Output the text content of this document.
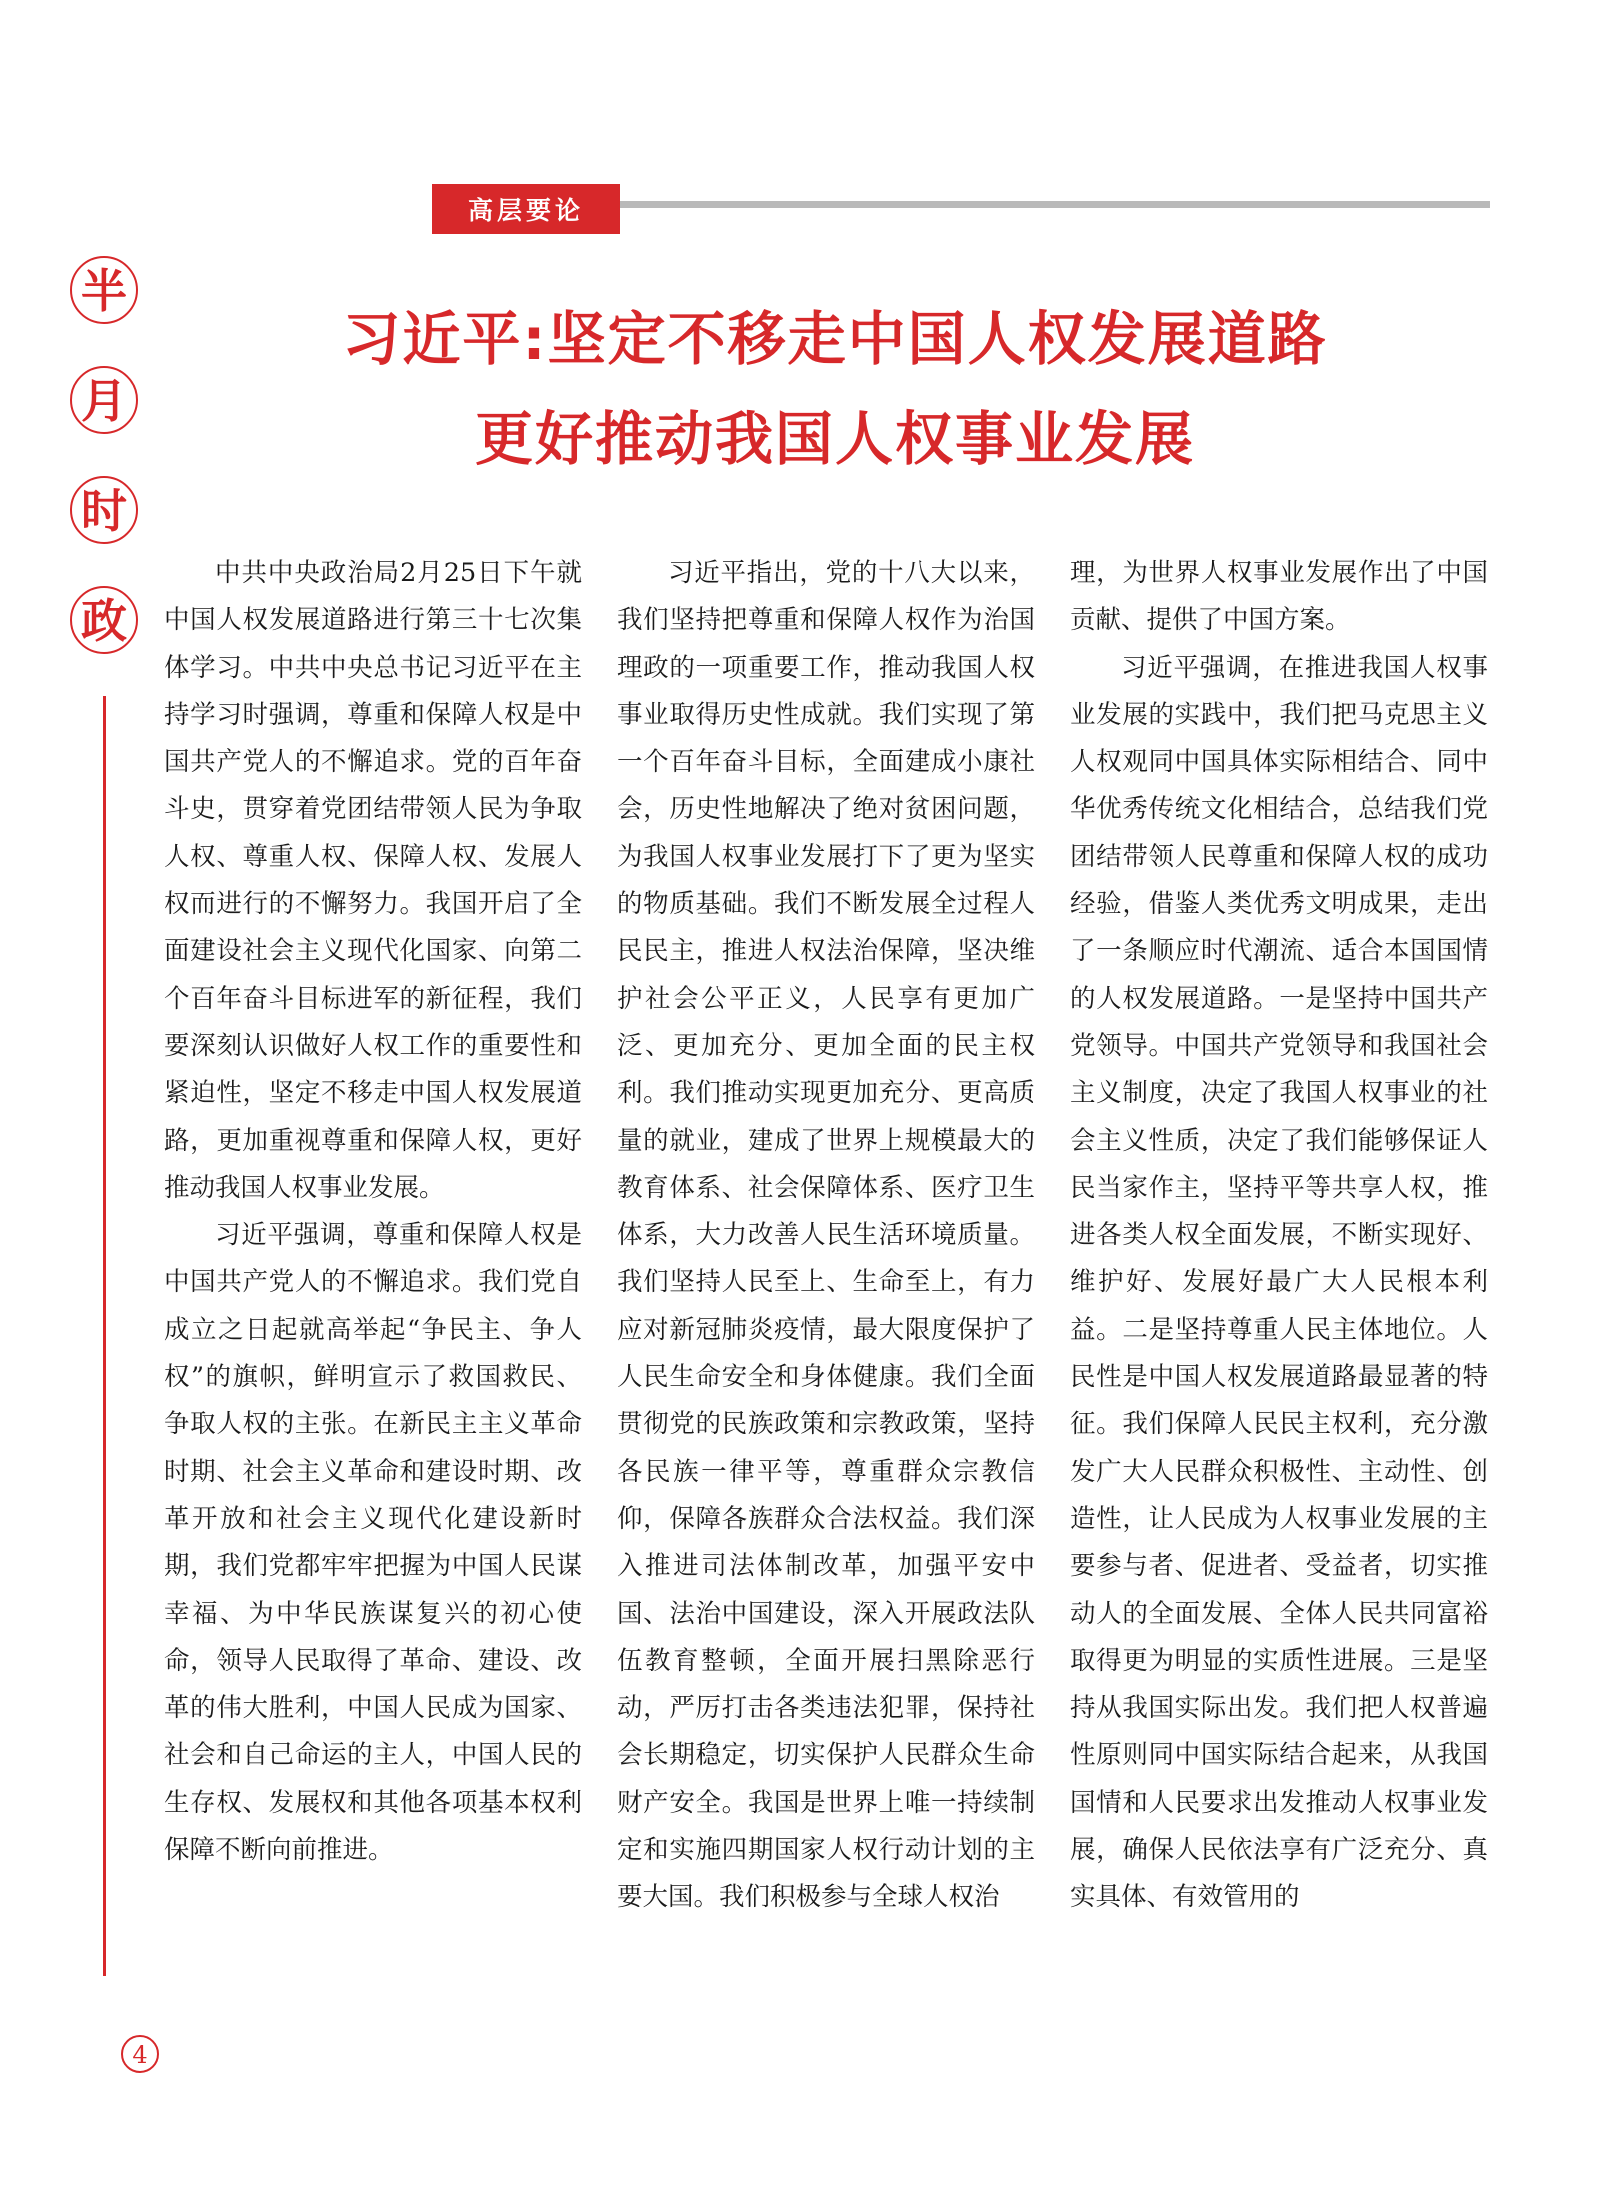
高层要论
半
月
时
政
习近平:坚定不移走中国人权发展道路
更好推动我国人权事业发展

中共中央政治局2月25日下午就中国人权发展道路进行第三十七次集体学习。中共中央总书记习近平在主持学习时强调，尊重和保障人权是中国共产党人的不懈追求。党的百年奋斗史，贯穿着党团结带领人民为争取人权、尊重人权、保障人权、发展人权而进行的不懈努力。我国开启了全面建设社会主义现代化国家、向第二个百年奋斗目标进军的新征程，我们要深刻认识做好人权工作的重要性和紧迫性，坚定不移走中国人权发展道路，更加重视尊重和保障人权，更好推动我国人权事业发展。

习近平强调，尊重和保障人权是中国共产党人的不懈追求。我们党自成立之日起就高举起“争民主、争人权”的旗帜，鲜明宣示了救国救民、争取人权的主张。在新民主主义革命时期、社会主义革命和建设时期、改革开放和社会主义现代化建设新时期，我们党都牢牢把握为中国人民谋幸福、为中华民族谋复兴的初心使命，领导人民取得了革命、建设、改革的伟大胜利，中国人民成为国家、社会和自己命运的主人，中国人民的生存权、发展权和其他各项基本权利保障不断向前推进。

习近平指出，党的十八大以来，我们坚持把尊重和保障人权作为治国理政的一项重要工作，推动我国人权事业取得历史性成就。我们实现了第一个百年奋斗目标，全面建成小康社会，历史性地解决了绝对贫困问题，为我国人权事业发展打下了更为坚实的物质基础。我们不断发展全过程人民民主，推进人权法治保障，坚决维护社会公平正义，人民享有更加广泛、更加充分、更加全面的民主权利。我们推动实现更加充分、更高质量的就业，建成了世界上规模最大的教育体系、社会保障体系、医疗卫生体系，大力改善人民生活环境质量。我们坚持人民至上、生命至上，有力应对新冠肺炎疫情，最大限度保护了人民生命安全和身体健康。我们全面贯彻党的民族政策和宗教政策，坚持各民族一律平等，尊重群众宗教信仰，保障各族群众合法权益。我们深入推进司法体制改革，加强平安中国、法治中国建设，深入开展政法队伍教育整顿，全面开展扫黑除恶行动，严厉打击各类违法犯罪，保持社会长期稳定，切实保护人民群众生命财产安全。我国是世界上唯一持续制定和实施四期国家人权行动计划的主要大国。我们积极参与全球人权治

理，为世界人权事业发展作出了中国贡献、提供了中国方案。

习近平强调，在推进我国人权事业发展的实践中，我们把马克思主义人权观同中国具体实际相结合、同中华优秀传统文化相结合，总结我们党团结带领人民尊重和保障人权的成功经验，借鉴人类优秀文明成果，走出了一条顺应时代潮流、适合本国国情的人权发展道路。一是坚持中国共产党领导。中国共产党领导和我国社会主义制度，决定了我国人权事业的社会主义性质，决定了我们能够保证人民当家作主，坚持平等共享人权，推进各类人权全面发展，不断实现好、维护好、发展好最广大人民根本利益。二是坚持尊重人民主体地位。人民性是中国人权发展道路最显著的特征。我们保障人民民主权利，充分激发广大人民群众积极性、主动性、创造性，让人民成为人权事业发展的主要参与者、促进者、受益者，切实推动人的全面发展、全体人民共同富裕取得更为明显的实质性进展。三是坚持从我国实际出发。我们把人权普遍性原则同中国实际结合起来，从我国国情和人民要求出发推动人权事业发展，确保人民依法享有广泛充分、真实具体、有效管用的

4
